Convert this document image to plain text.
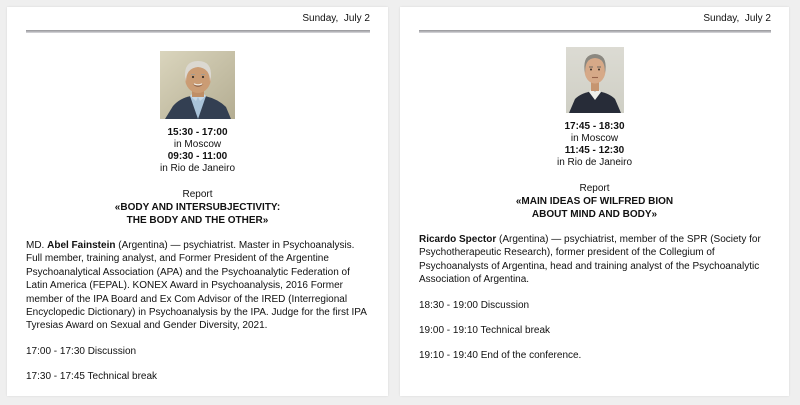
Sunday,  July 2
15:30 - 17:00
in Moscow
09:30 - 11:00
in Rio de Janeiro
Report
«BODY AND INTERSUBJECTIVITY:
THE BODY AND THE OTHER»

MD. Abel Fainstein (Argentina) — psychiatrist. Master in Psychoanalysis. Full member, training analyst, and Former President of the Argentine Psychoanalytical Association (APA) and the Psychoanalytic Federation of Latin America (FEPAL). KONEX Award in Psychoanalysis, 2016 Former member of the IPA Board and Ex Com Advisor of the IRED (Interregional Encyclopedic Dictionary) in Psychoanalysis by the IPA. Judge for the first IPA Tyresias Award on Sexual and Gender Diversity, 2021.

17:00 - 17:30 Discussion
17:30 - 17:45 Technical break
Sunday,  July 2
17:45 - 18:30
in Moscow
11:45 - 12:30
in Rio de Janeiro
Report
«MAIN IDEAS OF WILFRED BION
ABOUT MIND AND BODY»

Ricardo Spector (Argentina) — psychiatrist, member of the SPR (Society for Psychotherapeutic Research), former president of the Collegium of Psychoanalysts of Argentina, head and training analyst of the Psychoanalytic Association of Argentina.

18:30 - 19:00 Discussion
19:00 - 19:10 Technical break
19:10 - 19:40 End of the conference.
